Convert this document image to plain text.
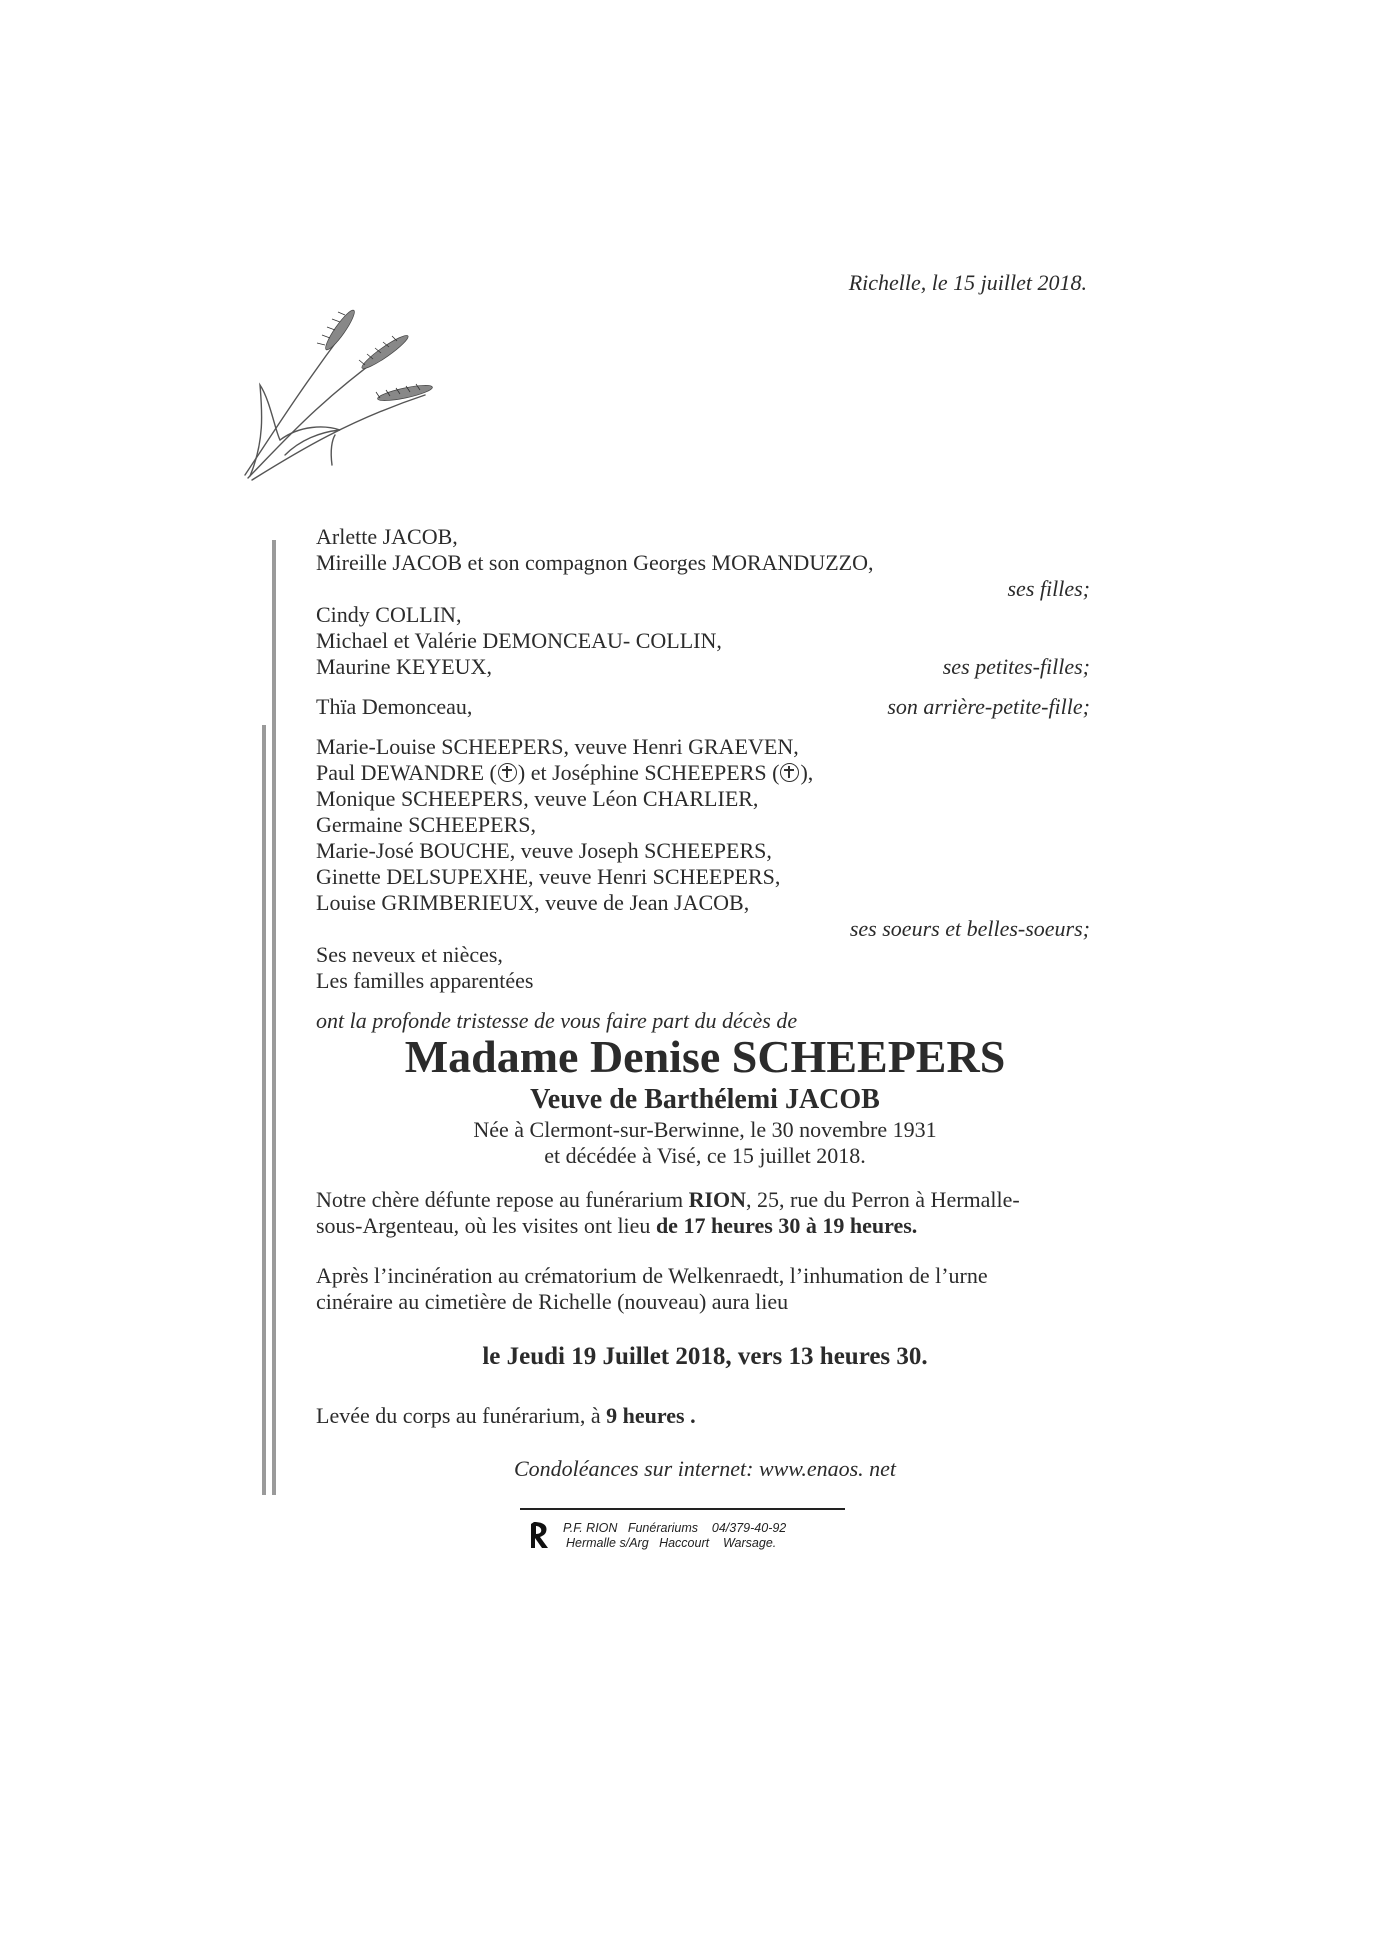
Richelle, le 15 juillet 2018.
Arlette JACOB,
Mireille JACOB et son compagnon Georges MORANDUZZO,
ses filles;
Cindy COLLIN,
Michael et Valérie DEMONCEAU- COLLIN,
Maurine KEYEUX,	ses petites-filles;
Thïa Demonceau,	son arrière-petite-fille;
Marie-Louise SCHEEPERS, veuve Henri GRAEVEN,
Paul DEWANDRE ( ) et Joséphine SCHEEPERS ( ),
Monique SCHEEPERS, veuve Léon CHARLIER,
Germaine SCHEEPERS,
Marie-José BOUCHE, veuve Joseph SCHEEPERS,
Ginette DELSUPEXHE, veuve Henri SCHEEPERS,
Louise GRIMBERIEUX, veuve de Jean JACOB,
ses soeurs et belles-soeurs;
Ses neveux et nièces,
Les familles apparentées
ont la profonde tristesse de vous faire part du décès de
Madame Denise SCHEEPERS
Veuve de Barthélemi JACOB
Née à Clermont-sur-Berwinne, le 30 novembre 1931
et décédée à Visé, ce 15 juillet 2018.
Notre chère défunte repose au funérarium RION, 25, rue du Perron à Hermalle-
sous-Argenteau, où les visites ont lieu de 17 heures 30 à 19 heures.
Après l’incinération au crématorium de Welkenraedt, l’inhumation de l’urne
cinéraire au cimetière de Richelle (nouveau) aura lieu
le Jeudi 19 Juillet 2018, vers 13 heures 30.
Levée du corps au funérarium, à 9 heures .
Condoléances sur internet: www.enaos. net
P.F. RION   Funérariums    04/379-40-92
Hermalle s/Arg   Haccourt    Warsage.
